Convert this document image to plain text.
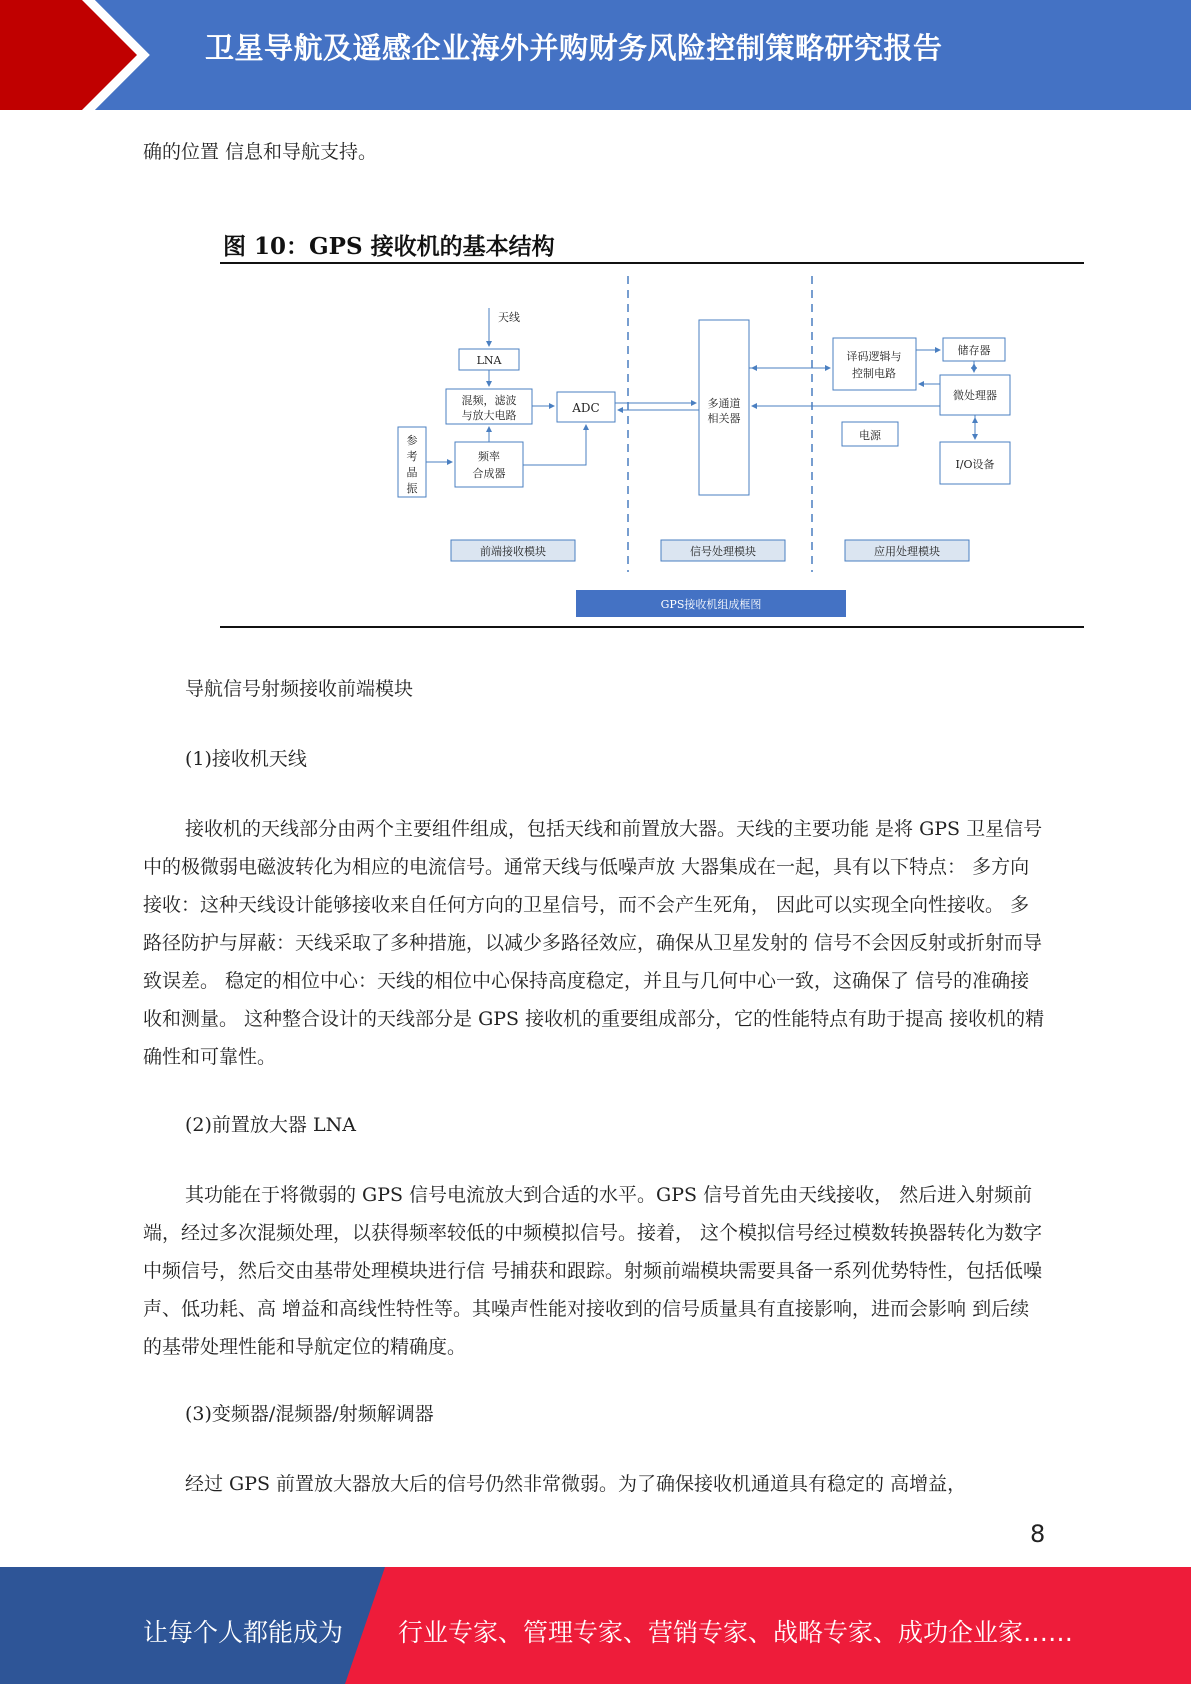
卫星导航及遥感企业海外并购财务风险控制策略研究报告

确的位置 信息和导航支持。

图 10：GPS 接收机的基本结构
天线
LNA
混频，滤波
与放大电路
ADC
参
考
晶
振
频率
合成器
多通道
相关器
译码逻辑与
控制电路
储存器
微处理器
电源
I/O设备
前端接收模块	信号处理模块	应用处理模块
GPS接收机组成框图

导航信号射频接收前端模块

(1)接收机天线

接收机的天线部分由两个主要组件组成，包括天线和前置放大器。天线的主要功能 是将 GPS 卫星信号中的极微弱电磁波转化为相应的电流信号。通常天线与低噪声放 大器集成在一起，具有以下特点： 多方向接收：这种天线设计能够接收来自任何方向的卫星信号，而不会产生死角， 因此可以实现全向性接收。 多路径防护与屏蔽：天线采取了多种措施，以减少多路径效应，确保从卫星发射的 信号不会因反射或折射而导致误差。 稳定的相位中心：天线的相位中心保持高度稳定，并且与几何中心一致，这确保了 信号的准确接收和测量。 这种整合设计的天线部分是 GPS 接收机的重要组成部分，它的性能特点有助于提高 接收机的精确性和可靠性。

(2)前置放大器 LNA

其功能在于将微弱的 GPS 信号电流放大到合适的水平。GPS 信号首先由天线接收， 然后进入射频前端，经过多次混频处理，以获得频率较低的中频模拟信号。接着， 这个模拟信号经过模数转换器转化为数字中频信号，然后交由基带处理模块进行信 号捕获和跟踪。射频前端模块需要具备一系列优势特性，包括低噪声、低功耗、高 增益和高线性特性等。其噪声性能对接收到的信号质量具有直接影响，进而会影响 到后续的基带处理性能和导航定位的精确度。

(3)变频器/混频器/射频解调器

经过 GPS 前置放大器放大后的信号仍然非常微弱。为了确保接收机通道具有稳定的 高增益，

8
让每个人都能成为 行业专家、管理专家、营销专家、战略专家、成功企业家……
